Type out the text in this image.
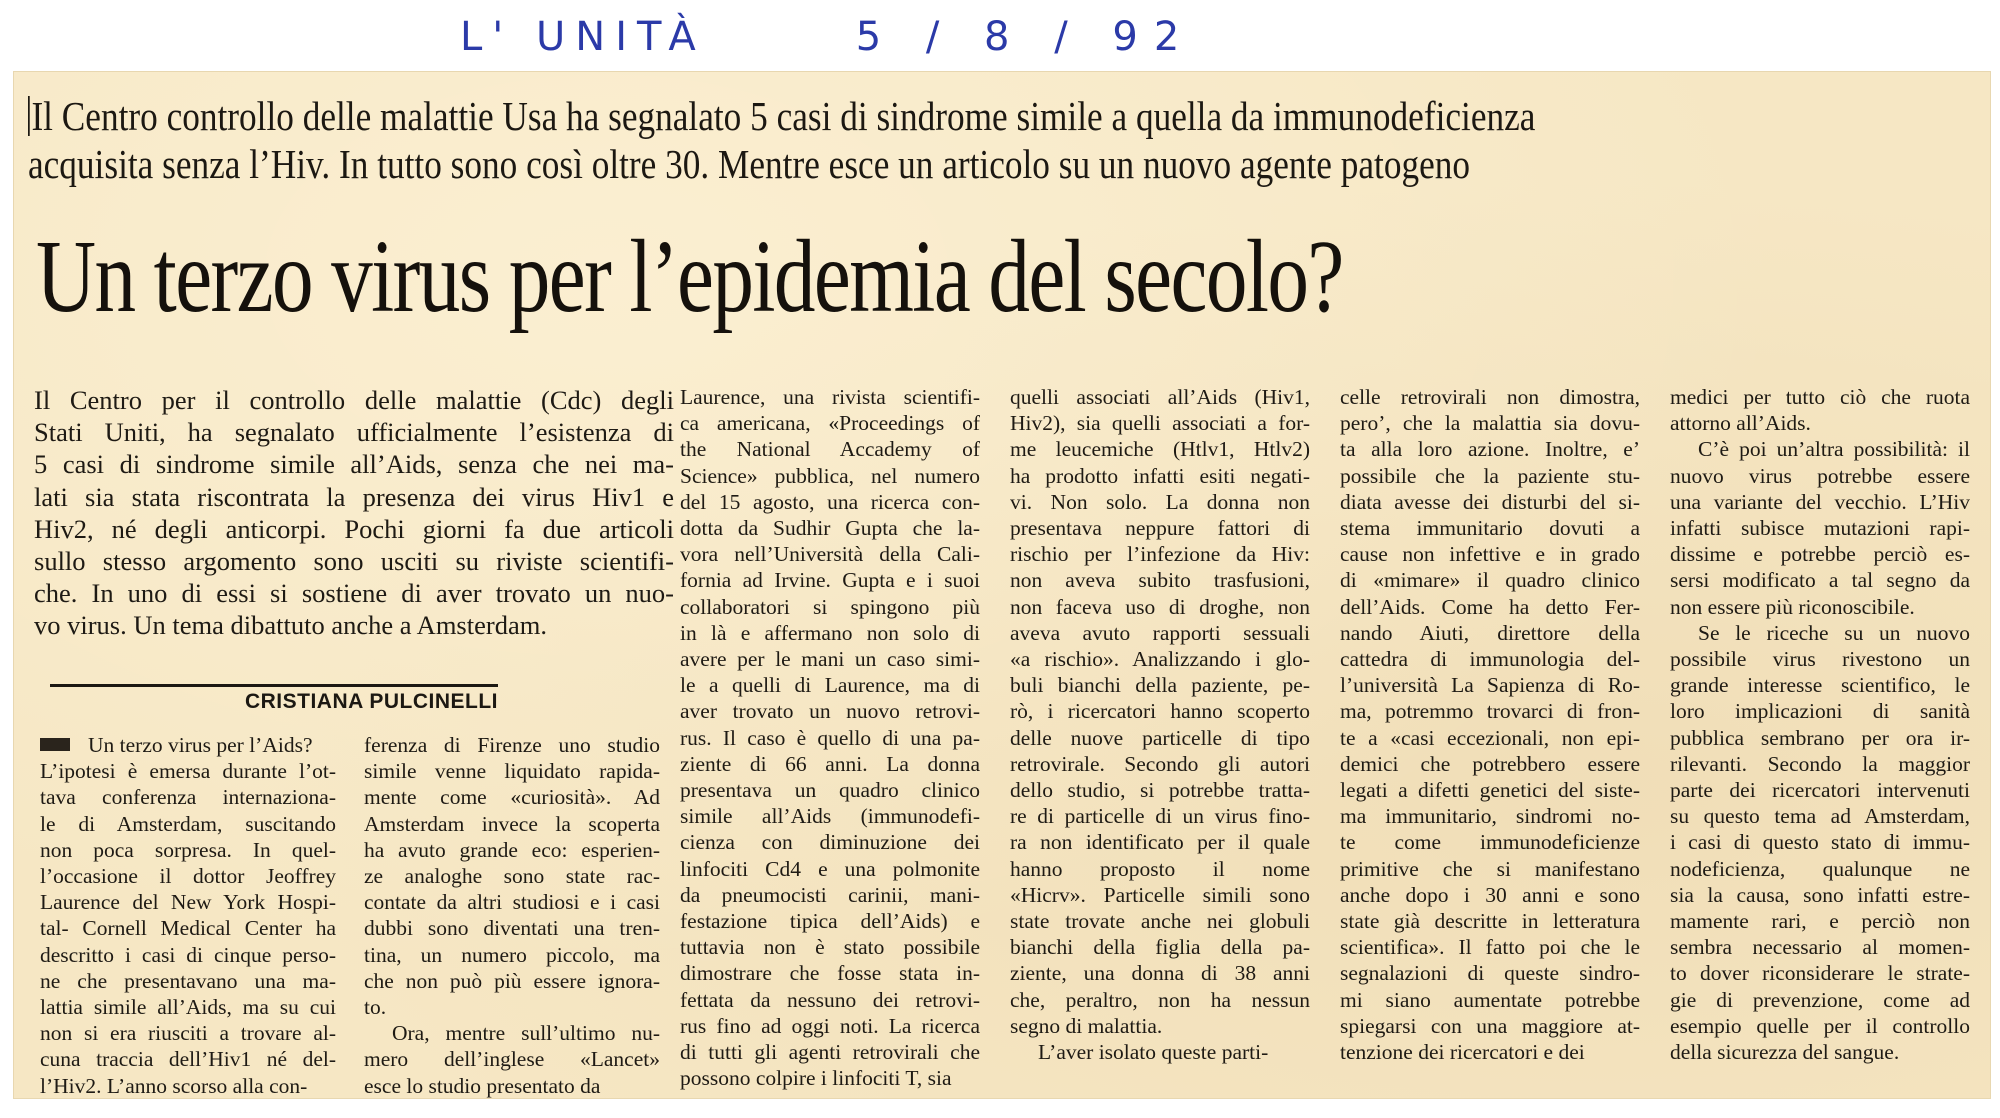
L' UNITÀ	5 / 8 / 92
Il Centro controllo delle malattie Usa ha segnalato 5 casi di sindrome simile a quella da immunodeficienza
acquisita senza l’Hiv. In tutto sono così oltre 30. Mentre esce un articolo su un nuovo agente patogeno
Un terzo virus per l’epidemia del secolo?
Il Centro per il controllo delle malattie (Cdc) degli
Stati Uniti, ha segnalato ufficialmente l’esistenza di
5 casi di sindrome simile all’Aids, senza che nei ma-
lati sia stata riscontrata la presenza dei virus Hiv1 e
Hiv2, né degli anticorpi. Pochi giorni fa due articoli
sullo stesso argomento sono usciti su riviste scientifi-
che. In uno di essi si sostiene di aver trovato un nuo-
vo virus. Un tema dibattuto anche a Amsterdam.
CRISTIANA PULCINELLI
Un terzo virus per l’Aids?
L’ipotesi è emersa durante l’ot-
tava conferenza internaziona-
le di Amsterdam, suscitando
non poca sorpresa. In quel-
l’occasione il dottor Jeoffrey
Laurence del New York Hospi-
tal- Cornell Medical Center ha
descritto i casi di cinque perso-
ne che presentavano una ma-
lattia simile all’Aids, ma su cui
non si era riusciti a trovare al-
cuna traccia dell’Hiv1 né del-
l’Hiv2. L’anno scorso alla con-
ferenza di Firenze uno studio
simile venne liquidato rapida-
mente come «curiosità». Ad
Amsterdam invece la scoperta
ha avuto grande eco: esperien-
ze analoghe sono state rac-
contate da altri studiosi e i casi
dubbi sono diventati una tren-
tina, un numero piccolo, ma
che non può più essere ignora-
to.
Ora, mentre sull’ultimo nu-
mero dell’inglese «Lancet»
esce lo studio presentato da
Laurence, una rivista scientifi-
ca americana, «Proceedings of
the National Accademy of
Science» pubblica, nel numero
del 15 agosto, una ricerca con-
dotta da Sudhir Gupta che la-
vora nell’Università della Cali-
fornia ad Irvine. Gupta e i suoi
collaboratori si spingono più
in là e affermano non solo di
avere per le mani un caso simi-
le a quelli di Laurence, ma di
aver trovato un nuovo retrovi-
rus. Il caso è quello di una pa-
ziente di 66 anni. La donna
presentava un quadro clinico
simile all’Aids (immunodefi-
cienza con diminuzione dei
linfociti Cd4 e una polmonite
da pneumocisti carinii, mani-
festazione tipica dell’Aids) e
tuttavia non è stato possibile
dimostrare che fosse stata in-
fettata da nessuno dei retrovi-
rus fino ad oggi noti. La ricerca
di tutti gli agenti retrovirali che
possono colpire i linfociti T, sia
quelli associati all’Aids (Hiv1,
Hiv2), sia quelli associati a for-
me leucemiche (Htlv1, Htlv2)
ha prodotto infatti esiti negati-
vi. Non solo. La donna non
presentava neppure fattori di
rischio per l’infezione da Hiv:
non aveva subito trasfusioni,
non faceva uso di droghe, non
aveva avuto rapporti sessuali
«a rischio». Analizzando i glo-
buli bianchi della paziente, pe-
rò, i ricercatori hanno scoperto
delle nuove particelle di tipo
retrovirale. Secondo gli autori
dello studio, si potrebbe tratta-
re di particelle di un virus fino-
ra non identificato per il quale
hanno proposto il nome
«Hicrv». Particelle simili sono
state trovate anche nei globuli
bianchi della figlia della pa-
ziente, una donna di 38 anni
che, peraltro, non ha nessun
segno di malattia.
L’aver isolato queste parti-
celle retrovirali non dimostra,
pero’, che la malattia sia dovu-
ta alla loro azione. Inoltre, e’
possibile che la paziente stu-
diata avesse dei disturbi del si-
stema immunitario dovuti a
cause non infettive e in grado
di «mimare» il quadro clinico
dell’Aids. Come ha detto Fer-
nando Aiuti, direttore della
cattedra di immunologia del-
l’università La Sapienza di Ro-
ma, potremmo trovarci di fron-
te a «casi eccezionali, non epi-
demici che potrebbero essere
legati a difetti genetici del siste-
ma immunitario, sindromi no-
te come immunodeficienze
primitive che si manifestano
anche dopo i 30 anni e sono
state già descritte in letteratura
scientifica». Il fatto poi che le
segnalazioni di queste sindro-
mi siano aumentate potrebbe
spiegarsi con una maggiore at-
tenzione dei ricercatori e dei
medici per tutto ciò che ruota
attorno all’Aids.
C’è poi un’altra possibilità: il
nuovo virus potrebbe essere
una variante del vecchio. L’Hiv
infatti subisce mutazioni rapi-
dissime e potrebbe perciò es-
sersi modificato a tal segno da
non essere più riconoscibile.
Se le riceche su un nuovo
possibile virus rivestono un
grande interesse scientifico, le
loro implicazioni di sanità
pubblica sembrano per ora ir-
rilevanti. Secondo la maggior
parte dei ricercatori intervenuti
su questo tema ad Amsterdam,
i casi di questo stato di immu-
nodeficienza, qualunque ne
sia la causa, sono infatti estre-
mamente rari, e perciò non
sembra necessario al momen-
to dover riconsiderare le strate-
gie di prevenzione, come ad
esempio quelle per il controllo
della sicurezza del sangue.
